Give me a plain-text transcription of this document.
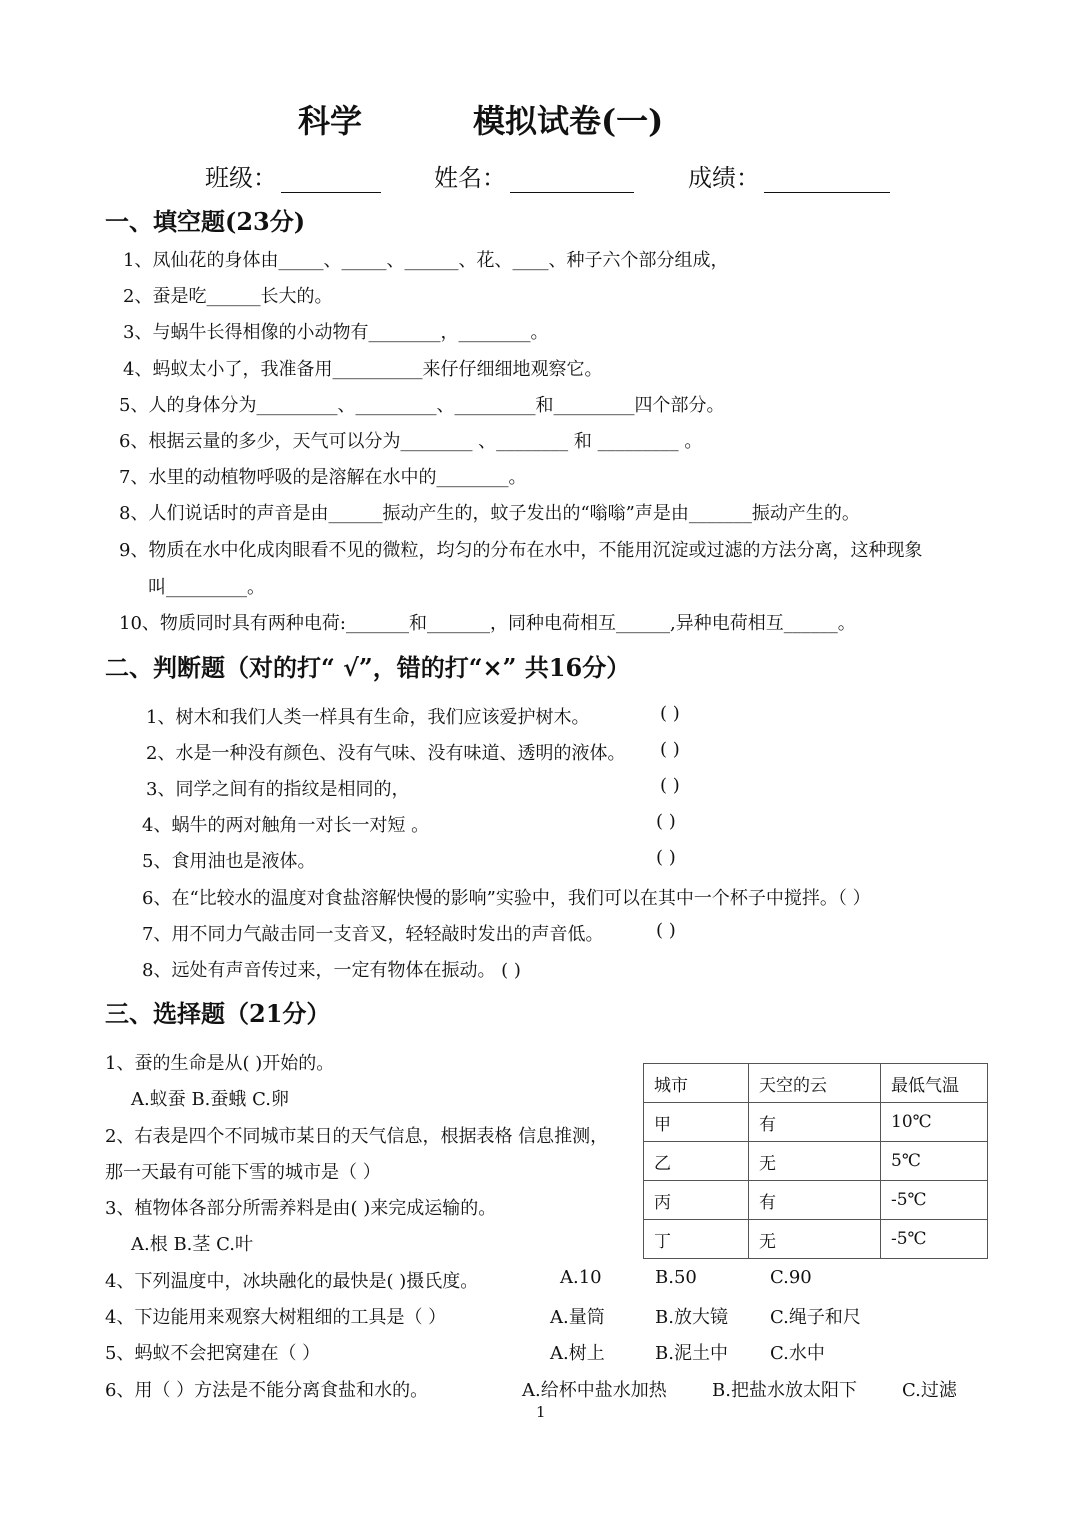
科学	模拟试卷(一)
班级：	姓名：	成绩：
一、填空题(23分)
1、凤仙花的身体由_____、_____、______、花、____、种子六个部分组成，
2、蚕是吃______长大的。
3、与蜗牛长得相像的小动物有________，________。
4、蚂蚁太小了，我准备用__________来仔仔细细地观察它。
5、人的身体分为_________、_________、_________和_________四个部分。
6、根据云量的多少，天气可以分为________ 、________ 和 _________ 。
7、水里的动植物呼吸的是溶解在水中的________。
8、人们说话时的声音是由______振动产生的，蚊子发出的“嗡嗡”声是由_______振动产生的。
9、物质在水中化成肉眼看不见的微粒，均匀的分布在水中，不能用沉淀或过滤的方法分离，这种现象
叫_________。
10、物质同时具有两种电荷:_______和_______，同种电荷相互______,异种电荷相互______。
二、判断题（对的打“ √”，错的打“×” 共16分）
1、树木和我们人类一样具有生命，我们应该爱护树木。	( )
2、水是一种没有颜色、没有气味、没有味道、透明的液体。 ( )
3、同学之间有的指纹是相同的，	( )
4、蜗牛的两对触角一对长一对短 。	( )
5、食用油也是液体。	( )
6、在“比较水的温度对食盐溶解快慢的影响”实验中，我们可以在其中一个杯子中搅拌。（ ）
7、用不同力气敲击同一支音叉，轻轻敲时发出的声音低。	( )
8、远处有声音传过来，一定有物体在振动。 ( )
三、选择题（21分）
1、蚕的生命是从( )开始的。
A.蚁蚕 B.蚕蛾 C.卵
2、右表是四个不同城市某日的天气信息，根据表格 信息推测，
那一天最有可能下雪的城市是（ ）
3、植物体各部分所需养料是由( )来完成运输的。
A.根 B.茎 C.叶
4、下列温度中，冰块融化的最快是( )摄氏度。	A.10	B.50	C.90
4、下边能用来观察大树粗细的工具是（ ）	A.量筒	B.放大镜 C.绳子和尺
5、蚂蚁不会把窝建在（ ）	A.树上	B.泥土中 C.水中
6、用（ ）方法是不能分离食盐和水的。	A.给杯中盐水加热	B.把盐水放太阳下	C.过滤
城市	天空的云	最低气温
甲	有	10℃
乙	无	5℃
丙	有	-5℃
丁	无	-5℃
1
